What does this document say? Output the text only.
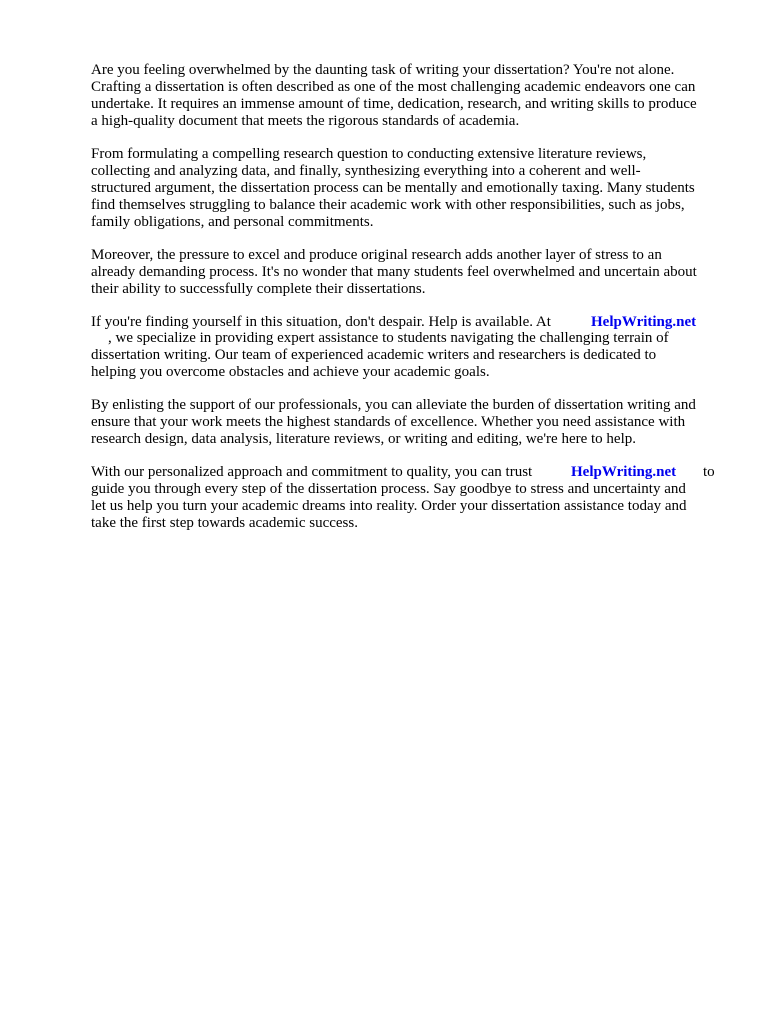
Are you feeling overwhelmed by the daunting task of writing your dissertation? You're not alone.

Crafting a dissertation is often described as one of the most challenging academic endeavors one can

undertake. It requires an immense amount of time, dedication, research, and writing skills to produce

a high-quality document that meets the rigorous standards of academia.

From formulating a compelling research question to conducting extensive literature reviews,

collecting and analyzing data, and finally, synthesizing everything into a coherent and well-

structured argument, the dissertation process can be mentally and emotionally taxing. Many students

find themselves struggling to balance their academic work with other responsibilities, such as jobs,

family obligations, and personal commitments.

Moreover, the pressure to excel and produce original research adds another layer of stress to an

already demanding process. It's no wonder that many students feel overwhelmed and uncertain about

their ability to successfully complete their dissertations.

If you're finding yourself in this situation, don't despair. Help is available. At	HelpWriting.net

, we specialize in providing expert assistance to students navigating the challenging terrain of

dissertation writing. Our team of experienced academic writers and researchers is dedicated to

helping you overcome obstacles and achieve your academic goals.

By enlisting the support of our professionals, you can alleviate the burden of dissertation writing and

ensure that your work meets the highest standards of excellence. Whether you need assistance with

research design, data analysis, literature reviews, or writing and editing, we're here to help.

With our personalized approach and commitment to quality, you can trust	HelpWriting.net to

guide you through every step of the dissertation process. Say goodbye to stress and uncertainty and

let us help you turn your academic dreams into reality. Order your dissertation assistance today and

take the first step towards academic success.
